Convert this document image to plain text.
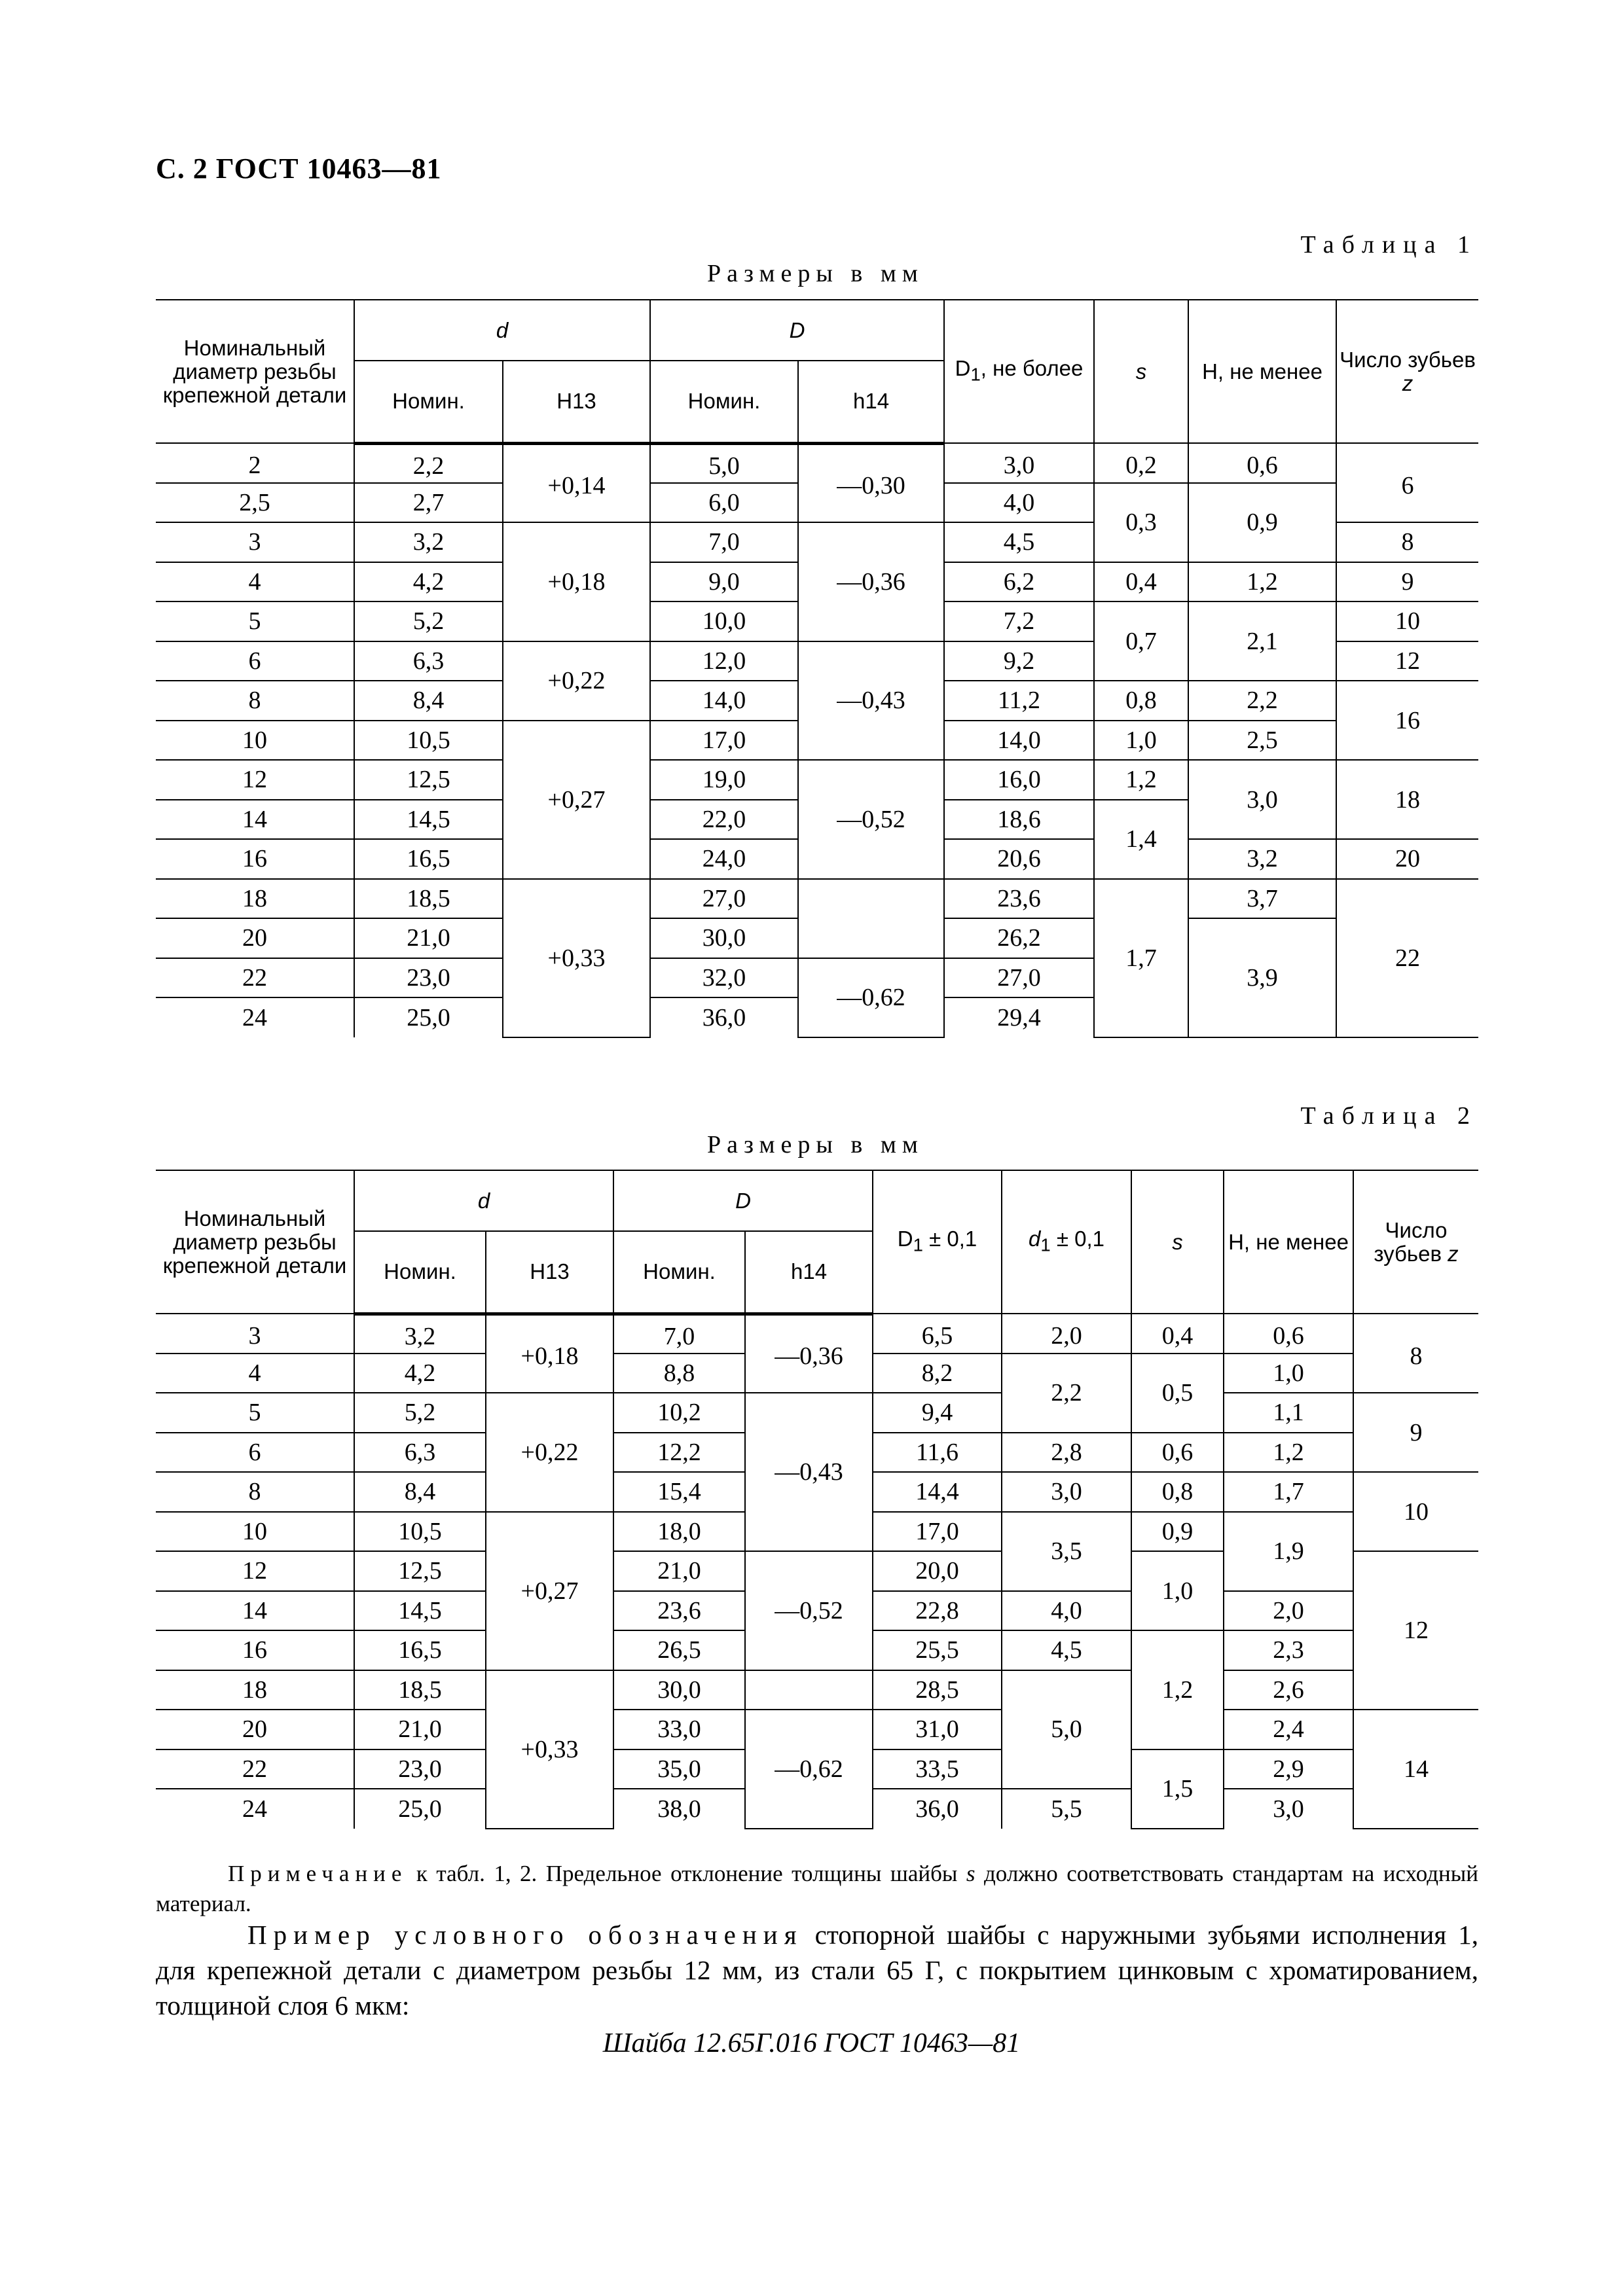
С. 2 ГОСТ 10463—81
Таблица 1
Размеры в мм
Номинальный диаметр резьбы крепежной детали	d		D		$D_1$, не более	s	H, не менее	Число зубьев z
	Номин.	H13	Номин.	h14				
2	2,2	+0,14	5,0	—0,30	3,0	0,2	0,6	6
2,5	2,7		6,0		4,0	0,3	0,9	
3	3,2	+0,18	7,0	—0,36	4,5			8
4	4,2		9,0		6,2	0,4	1,2	9
5	5,2		10,0		7,2	0,7	2,1	10
6	6,3	+0,22	12,0	—0,43	9,2			12
8	8,4		14,0		11,2	0,8	2,2	16
10	10,5	+0,27	17,0		14,0	1,0	2,5	
12	12,5		19,0	—0,52	16,0	1,2	3,0	18
14	14,5		22,0		18,6	1,4		
16	16,5		24,0		20,6		3,2	20
18	18,5	+0,33	27,0		23,6	1,7	3,7	22
20	21,0		30,0		26,2		3,9	
22	23,0		32,0	—0,62	27,0			
24	25,0		36,0		29,4			
Таблица 2
Размеры в мм
Номинальный диаметр резьбы крепежной детали	d		D		$D_1 \pm 0,1$	$d_1 \pm 0,1$	s	H, не менее	Число зубьев z
	Номин.	H13	Номин.	h14					
3	3,2	+0,18	7,0	—0,36	6,5	2,0	0,4	0,6	8
4	4,2		8,8		8,2	2,2	0,5	1,0	
5	5,2	+0,22	10,2	—0,43	9,4			1,1	9
6	6,3		12,2		11,6	2,8	0,6	1,2	
8	8,4		15,4		14,4	3,0	0,8	1,7	10
10	10,5	+0,27	18,0		17,0	3,5	0,9	1,9	
12	12,5		21,0	—0,52	20,0		1,0		12
14	14,5		23,6		22,8	4,0		2,0	
16	16,5		26,5		25,5	4,5	1,2	2,3	
18	18,5	+0,33	30,0		28,5	5,0		2,6	
20	21,0		33,0	—0,62	31,0			2,4	14
22	23,0		35,0		33,5		1,5	2,9	
24	25,0		38,0		36,0	5,5		3,0	
Примечание к табл. 1, 2. Предельное отклонение толщины шайбы s должно соответствовать стандартам на исходный материал.

Пример условного обозначения стопорной шайбы с наружными зубьями исполнения 1, для крепежной детали с диаметром резьбы 12 мм, из стали 65 Г, с покрытием цинковым с хроматированием, толщиной слоя 6 мкм:

Шайба 12.65Г.016 ГОСТ 10463—81
